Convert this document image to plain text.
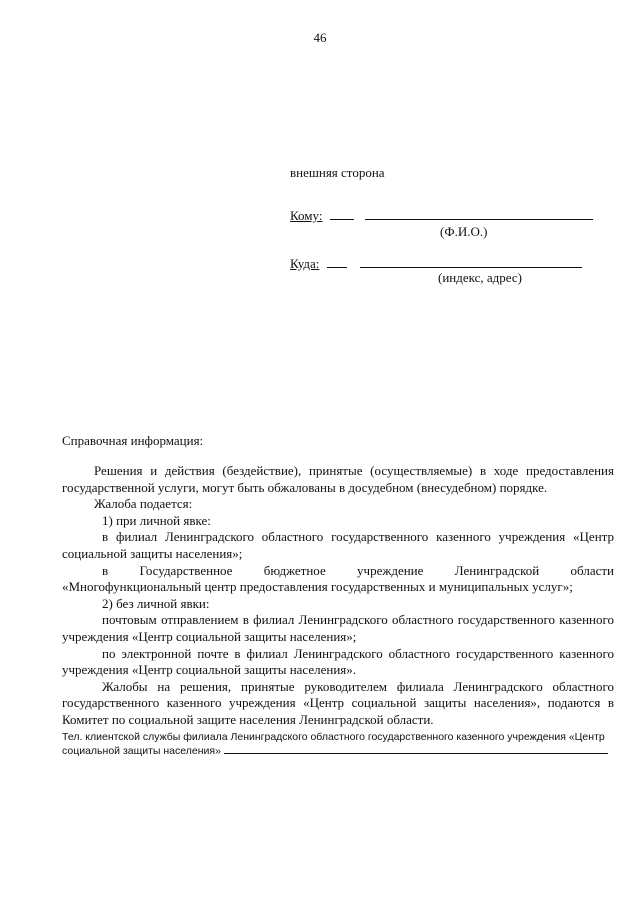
46
внешняя сторона
Кому:
(Ф.И.О.)
Куда:
(индекс, адрес)
Справочная информация:

Решения и действия (бездействие), принятые (осуществляемые) в ходе предоставления государственной услуги, могут быть обжалованы в досудебном (внесудебном) порядке.

Жалоба подается:

1) при личной явке:

в филиал Ленинградского областного государственного казенного учреждения «Центр социальной защиты населения»;

в Государственное бюджетное учреждение Ленинградской области «Многофункциональный центр предоставления государственных и муниципальных услуг»;

2) без личной явки:

почтовым отправлением в филиал Ленинградского областного государственного казенного учреждения «Центр социальной защиты населения»;

по электронной почте в филиал Ленинградского областного государственного казенного учреждения «Центр социальной защиты населения».

Жалобы на решения, принятые руководителем филиала Ленинградского областного государственного казенного учреждения «Центр социальной защиты населения», подаются в Комитет по социальной защите населения Ленинградской области.

Тел. клиентской службы филиала Ленинградского областного государственного казенного учреждения «Центр социальной защиты населения»
